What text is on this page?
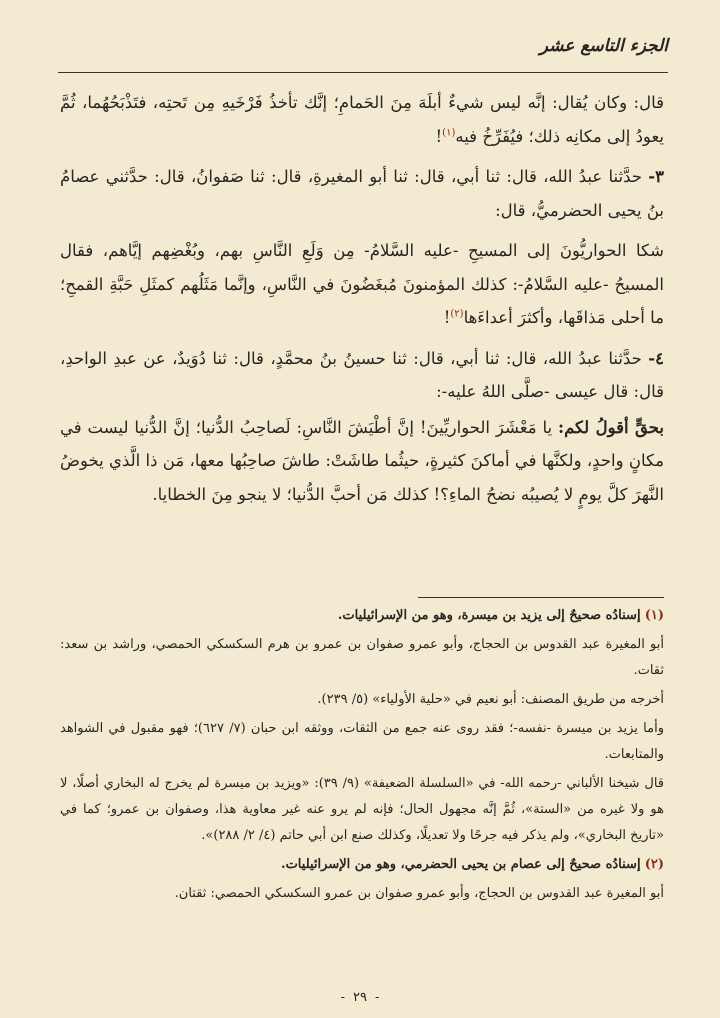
الجزء التاسع عشر

قال: وكان يُقال: إنَّه ليس شيءٌ أبلَهَ مِنَ الحَمامِ؛ إنَّك تأخذُ فَرْخَيهِ مِن تَحتِه، فتَذْبَحُهُما، ثُمَّ يعودُ إلى مكانِه ذلك؛ فيُفَرِّخُ فيه$^{(١)}$!

٣- حدَّثنا عبدُ الله، قال: ثنا أبي، قال: ثنا أبو المغيرةِ، قال: ثنا صَفوانُ، قال: حدَّثني عصامُ بنُ يحيى الحضرميُّ، قال:

شكا الحواريُّونَ إلى المسيحِ -عليه السَّلامُ- مِن وَلَعِ النَّاسِ بهم، وبُغْضِهم إيَّاهم، فقال المسيحُ -عليه السَّلامُ-: كذلك المؤمنونَ مُبغَضُونَ في النَّاسِ، وإنَّما مَثَلُهم كمثَلِ حَبَّةِ القمحِ؛ ما أحلى مَذاقَها، وأكثرَ أعداءَها$^{(٢)}$!

٤- حدَّثنا عبدُ الله، قال: ثنا أبي، قال: ثنا حسينُ بنُ محمَّدٍ، قال: ثنا دُوَيدٌ، عن عبدِ الواحدِ، قال: قال عيسى -صلَّى اللهُ عليه-:

بحقٍّ أقولُ لكم: يا مَعْشَرَ الحواريِّينَ! إنَّ أطْيَشَ النَّاسِ: لَصاحِبُ الدُّنيا؛ إنَّ الدُّنيا ليست في مكانٍ واحدٍ، ولكنَّها في أماكنَ كثيرةٍ، حيثُما طاشَتْ: طاشَ صاحِبُها معها، مَن ذا الَّذي يخوضُ النَّهرَ كلَّ يومٍ لا يُصيبُه نضحُ الماءِ؟! كذلك مَن أحبَّ الدُّنيا؛ لا ينجو مِنَ الخطايا.

(١) إسنادُه صحيحٌ إلى يزيد بن ميسرة، وهو من الإسرائيليات.

أبو المغيرة عبد القدوس بن الحجاج، وأبو عمرو صفوان بن عمرو بن هرم السكسكي الحمصي، وراشد بن سعد: ثقات.

أخرجه من طريق المصنف: أبو نعيم في «حلية الأولياء» (٥/ ٢٣٩).

وأما يزيد بن ميسرة -نفسه-؛ فقد روى عنه جمع من الثقات، ووثقه ابن حبان (٧/ ٦٢٧)؛ فهو مقبول في الشواهد والمتابعات.

قال شيخنا الألباني -رحمه الله- في «السلسلة الضعيفة» (٩/ ٣٩): «ويزيد بن ميسرة لم يخرج له البخاري أصلًا، لا هو ولا غيره من «الستة»، ثُمَّ إنَّه مجهول الحال؛ فإنه لم يرو عنه غير معاوية هذا، وصفوان بن عمرو؛ كما في «تاريخ البخاري»، ولم يذكر فيه جرحًا ولا تعديلًا، وكذلك صنع ابن أبي حاتم (٤/ ٢/ ٢٨٨)».

(٢) إسنادُه صحيحٌ إلى عصام بن يحيى الحضرمي، وهو من الإسرائيليات.

أبو المغيرة عبد القدوس بن الحجاج، وأبو عمرو صفوان بن عمرو السكسكي الحمصي: ثقتان.

-٢٩-
